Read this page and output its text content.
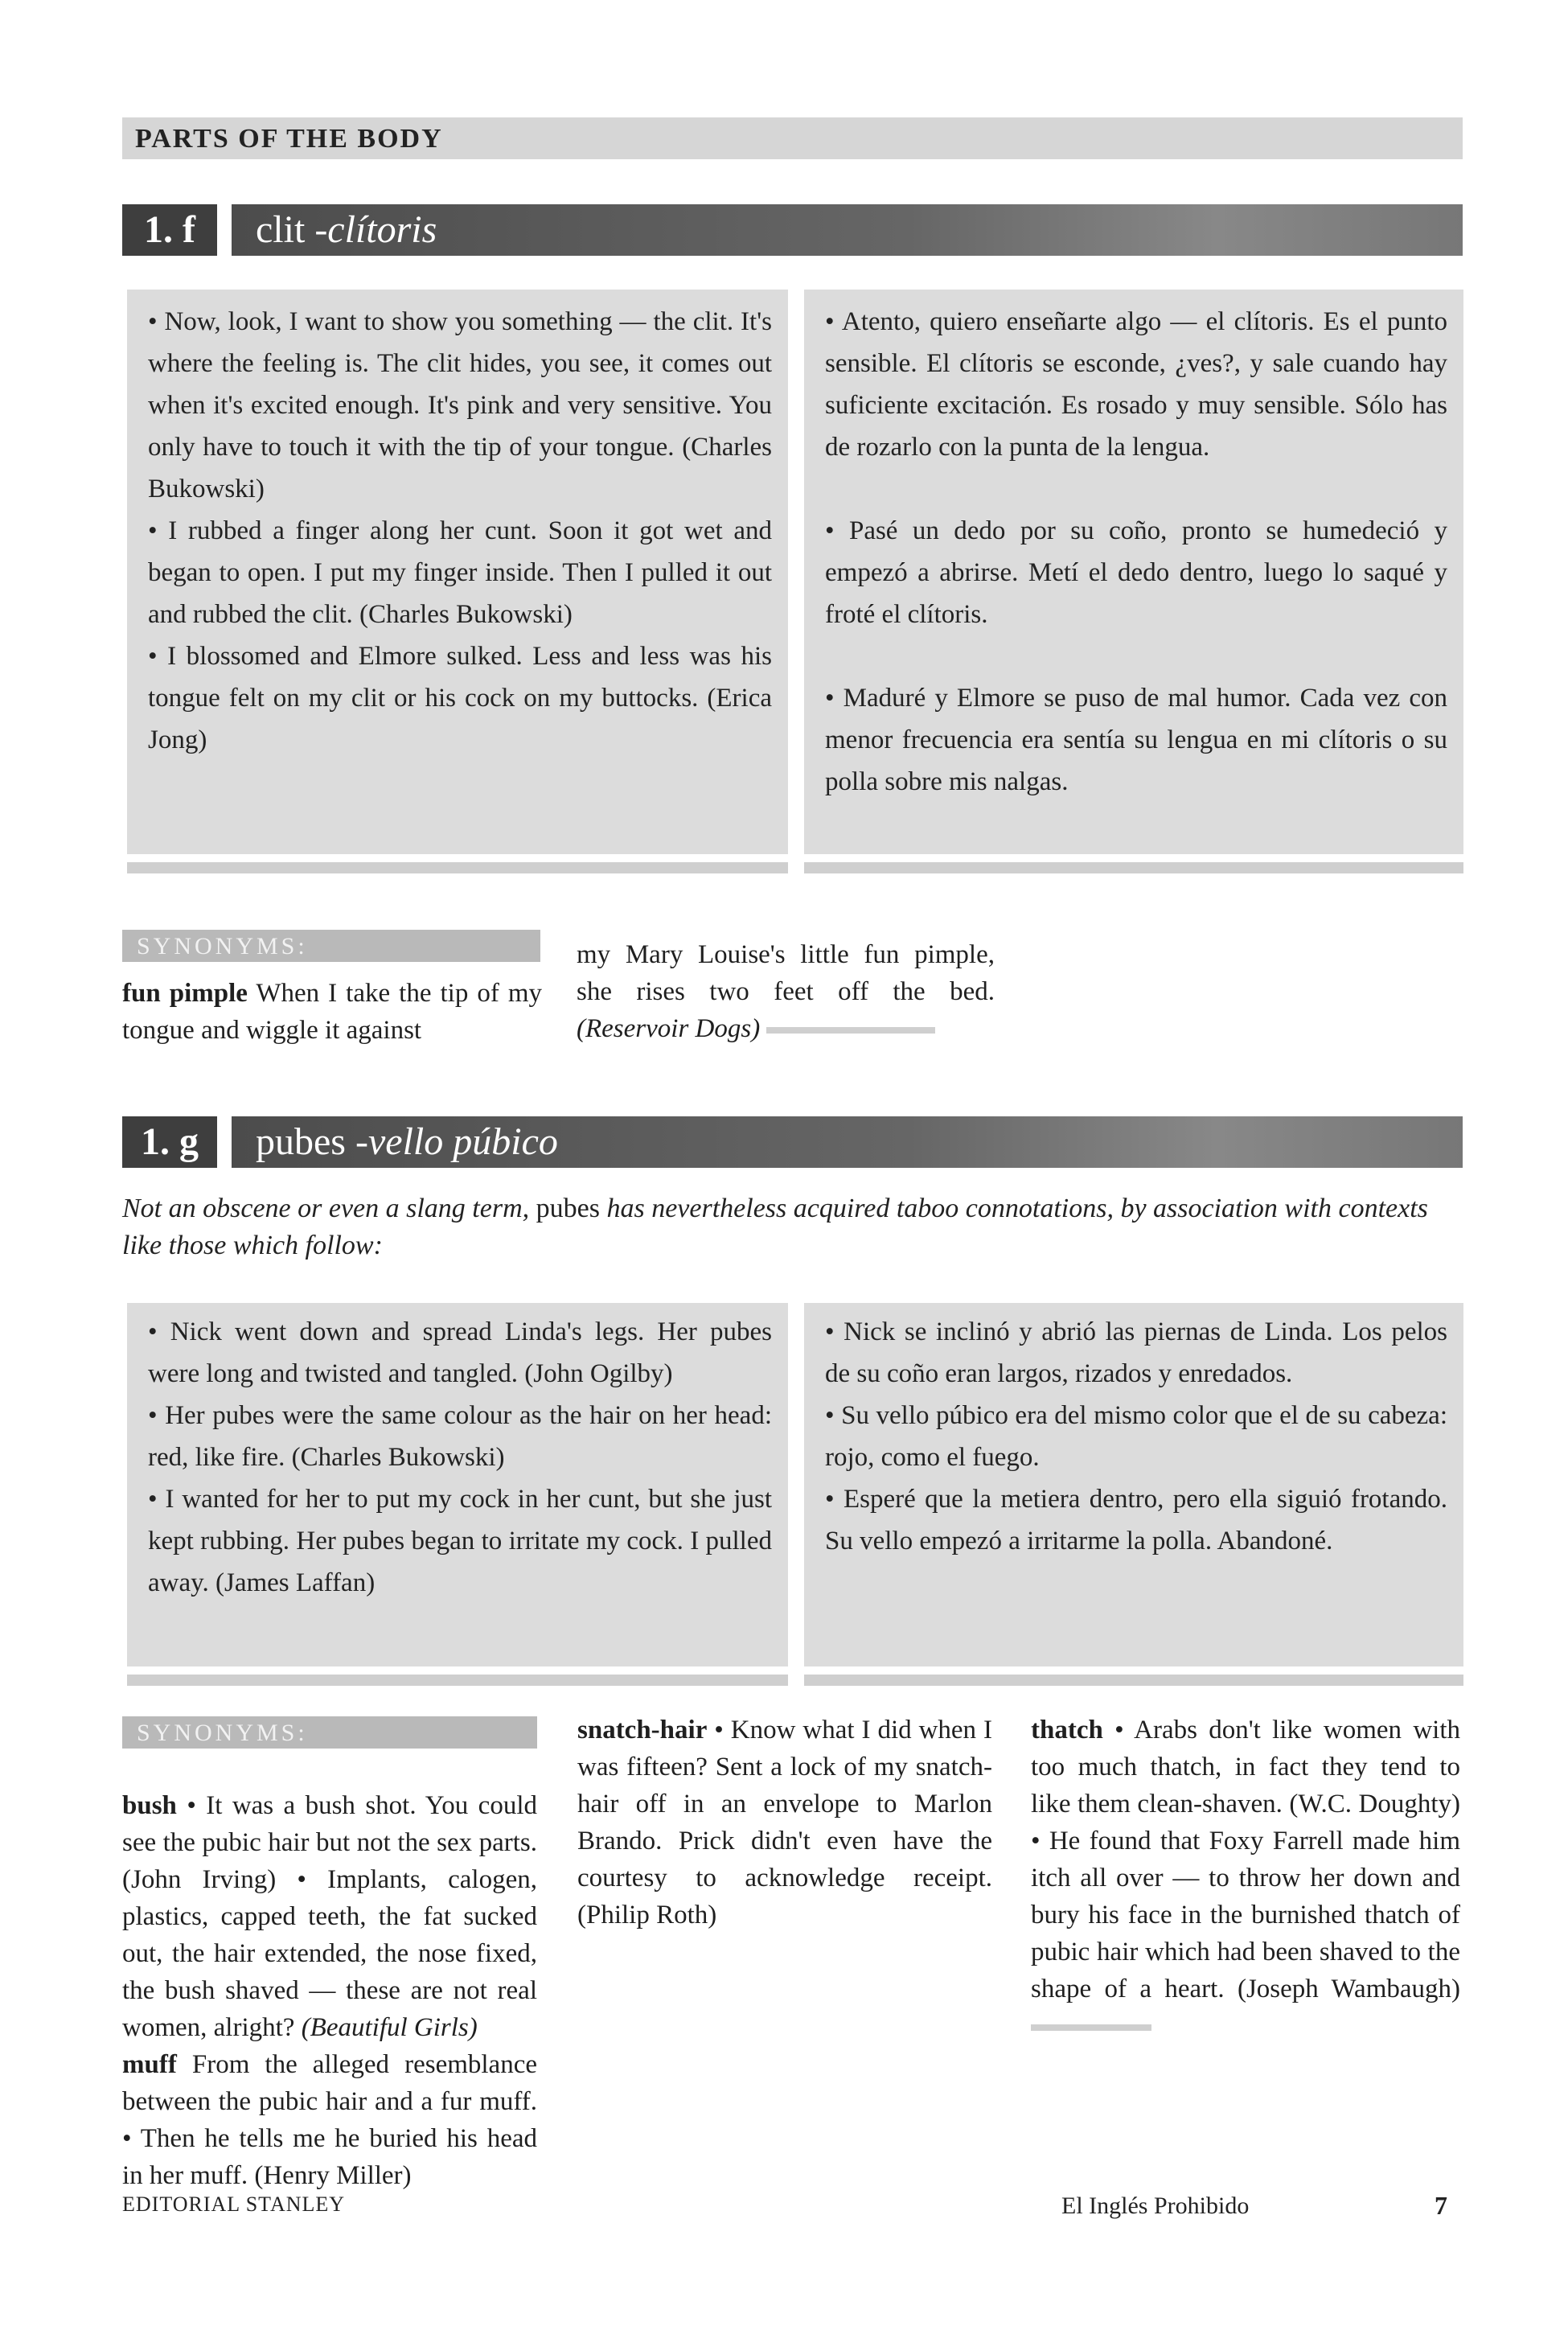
PARTS OF THE BODY
1. f	clit -clítoris

• Now, look, I want to show you something — the clit. It's where the feeling is. The clit hides, you see, it comes out when it's excited enough. It's pink and very sensitive. You only have to touch it with the tip of your tongue. (Charles Bukowski)

• I rubbed a finger along her cunt. Soon it got wet and began to open. I put my finger inside. Then I pulled it out and rubbed the clit. (Charles Bukowski)

• I blossomed and Elmore sulked. Less and less was his tongue felt on my clit or his cock on my buttocks. (Erica Jong)

• Atento, quiero enseñarte algo — el clítoris. Es el punto sensible. El clítoris se esconde, ¿ves?, y sale cuando hay suficiente excitación. Es rosado y muy sensible. Sólo has de rozarlo con la punta de la lengua.

• Pasé un dedo por su coño, pronto se humedeció y empezó a abrirse. Metí el dedo dentro, luego lo saqué y froté el clítoris.

• Maduré y Elmore se puso de mal humor. Cada vez con menor frecuencia era sentía su lengua en mi clítoris o su polla sobre mis nalgas.

SYNONYMS:

fun pimple When I take the tip of my tongue and wiggle it against

my Mary Louise's little fun pimple, she rises two feet off the bed. (Reservoir Dogs)

1. g	pubes -vello púbico
Not an obscene or even a slang term, pubes has nevertheless acquired taboo connotations, by association with contexts like those which follow:

• Nick went down and spread Linda's legs. Her pubes were long and twisted and tangled. (John Ogilby)

• Her pubes were the same colour as the hair on her head: red, like fire. (Charles Bukowski)

• I wanted for her to put my cock in her cunt, but she just kept rubbing. Her pubes began to irritate my cock. I pulled away. (James Laffan)

• Nick se inclinó y abrió las piernas de Linda. Los pelos de su coño eran largos, rizados y enredados.

• Su vello púbico era del mismo color que el de su cabeza: rojo, como el fuego.

• Esperé que la metiera dentro, pero ella siguió frotando. Su vello empezó a irritarme la polla. Abandoné.

SYNONYMS:

bush • It was a bush shot. You could see the pubic hair but not the sex parts. (John Irving) • Implants, calogen, plastics, capped teeth, the fat sucked out, the hair extended, the nose fixed, the bush shaved — these are not real women, alright? (Beautiful Girls)

muff From the alleged resemblance between the pubic hair and a fur muff. • Then he tells me he buried his head in her muff. (Henry Miller)

snatch-hair • Know what I did when I was fifteen? Sent a lock of my snatch-hair off in an envelope to Marlon Brando. Prick didn't even have the courtesy to acknowledge receipt. (Philip Roth)

thatch • Arabs don't like women with too much thatch, in fact they tend to like them clean-shaven. (W.C. Doughty) • He found that Foxy Farrell made him itch all over — to throw her down and bury his face in the burnished thatch of pubic hair which had been shaved to the shape of a heart. (Joseph Wambaugh)

EDITORIAL STANLEY	El Inglés Prohibido	7
